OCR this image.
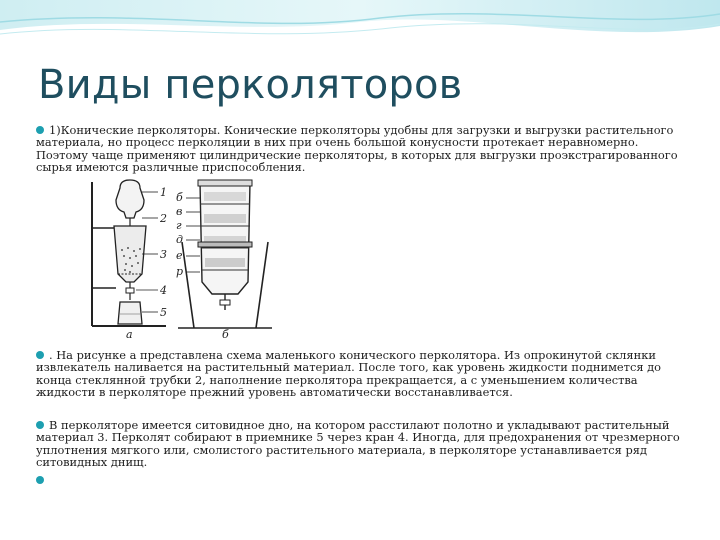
Виды перколяторов
1)Конические перколяторы. Конические перколяторы удобны для загрузки и выгрузки растительного материала, но процесс перколяции в них при очень большой конусности протекает неравномерно. Поэтому чаще применяют цилиндрические перколяторы, в которых для выгрузки проэкстрагированного сырья имеются различные приспособления.
1
2
3
4
5
а
б
в
г
д
е
р
б
. На рисунке а представлена схема маленького конического перколятора. Из опрокинутой склянки извлекатель наливается на растительный материал. После того, как уровень жидкости поднимется до конца стеклянной трубки 2, наполнение перколятора прекращается, а с уменьшением количества жидкости в перколяторе прежний уровень автоматически восстанавливается.
В перколяторе имеется ситовидное дно, на котором расстилают полотно и укладывают растительный материал 3. Перколят собирают в приемнике 5 через кран 4. Иногда, для предохранения от чрезмерного уплотнения мягкого или, смолистого растительного материала, в перколяторе устанавливается ряд ситовидных днищ.
